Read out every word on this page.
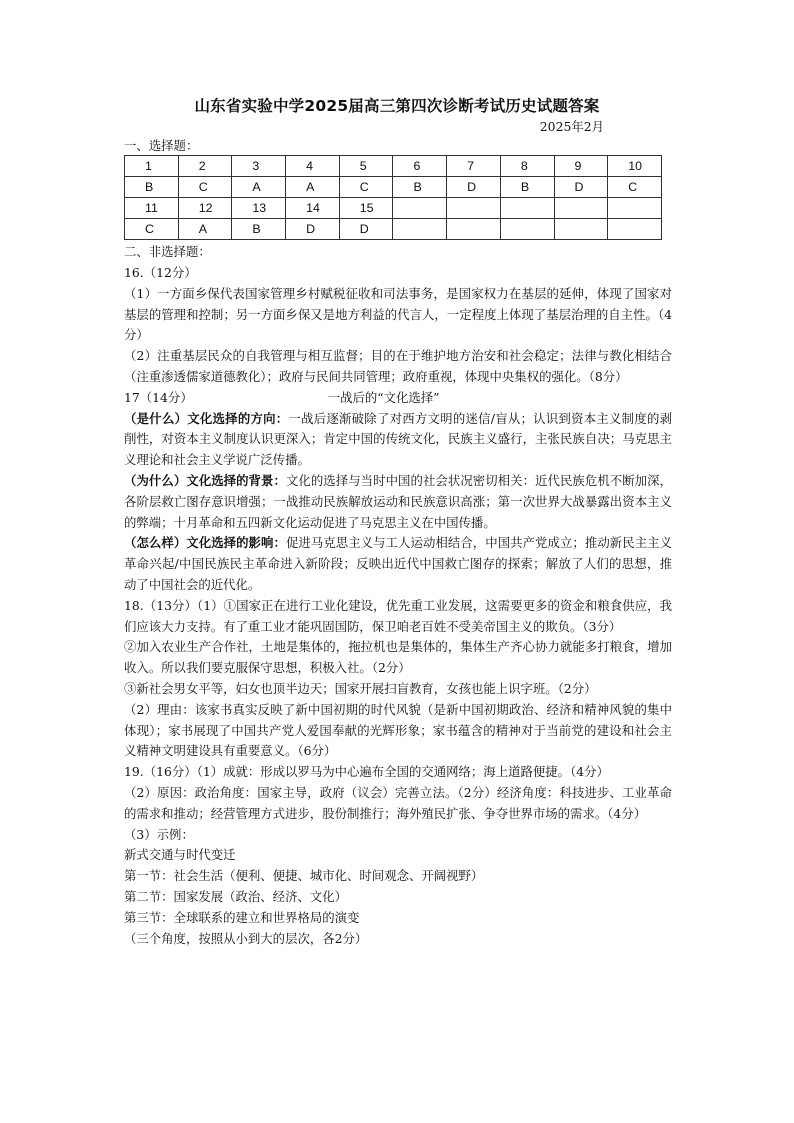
山东省实验中学2025届高三第四次诊断考试历史试题答案
2025年2月
一、选择题：
1	2	3	4	5	6	7	8	9	10
B	C	A	A	C	B	D	B	D	C
11	12	13	14	15					
C	A	B	D	D					
二、非选择题：

16.（12分）

（1）一方面乡保代表国家管理乡村赋税征收和司法事务，是国家权力在基层的延伸，体现了国家对基层的管理和控制；另一方面乡保又是地方利益的代言人，一定程度上体现了基层治理的自主性。（4分）

（2）注重基层民众的自我管理与相互监督；目的在于维护地方治安和社会稳定；法律与教化相结合（注重渗透儒家道德教化）；政府与民间共同管理；政府重视，体现中央集权的强化。（8分）

17（14分）	一战后的“文化选择”

（是什么）文化选择的方向：一战后逐渐破除了对西方文明的迷信/盲从；认识到资本主义制度的剥削性，对资本主义制度认识更深入；肯定中国的传统文化，民族主义盛行，主张民族自决；马克思主义理论和社会主义学说广泛传播。

（为什么）文化选择的背景：文化的选择与当时中国的社会状况密切相关：近代民族危机不断加深，各阶层救亡图存意识增强；一战推动民族解放运动和民族意识高涨；第一次世界大战暴露出资本主义的弊端；十月革命和五四新文化运动促进了马克思主义在中国传播。

（怎么样）文化选择的影响：促进马克思主义与工人运动相结合，中国共产党成立；推动新民主主义革命兴起/中国民族民主革命进入新阶段；反映出近代中国救亡图存的探索；解放了人们的思想，推动了中国社会的近代化。

18.（13分）（1）①国家正在进行工业化建设，优先重工业发展，这需要更多的资金和粮食供应，我们应该大力支持。有了重工业才能巩固国防，保卫咱老百姓不受美帝国主义的欺负。（3分）

②加入农业生产合作社，土地是集体的，拖拉机也是集体的，集体生产齐心协力就能多打粮食，增加收入。所以我们要克服保守思想，积极入社。（2分）

③新社会男女平等，妇女也顶半边天；国家开展扫盲教育，女孩也能上识字班。（2分）

（2）理由：该家书真实反映了新中国初期的时代风貌（是新中国初期政治、经济和精神风貌的集中体现）；家书展现了中国共产党人爱国奉献的光辉形象；家书蕴含的精神对于当前党的建设和社会主义精神文明建设具有重要意义。（6分）

19.（16分）（1）成就：形成以罗马为中心遍布全国的交通网络；海上道路便捷。（4分）

（2）原因：政治角度：国家主导，政府（议会）完善立法。（2分）经济角度：科技进步、工业革命的需求和推动；经营管理方式进步，股份制推行；海外殖民扩张、争夺世界市场的需求。（4分）

（3）示例：

新式交通与时代变迁

第一节：社会生活（便利、便捷、城市化、时间观念、开阔视野）

第二节：国家发展（政治、经济、文化）

第三节：全球联系的建立和世界格局的演变

（三个角度，按照从小到大的层次，各2分）
